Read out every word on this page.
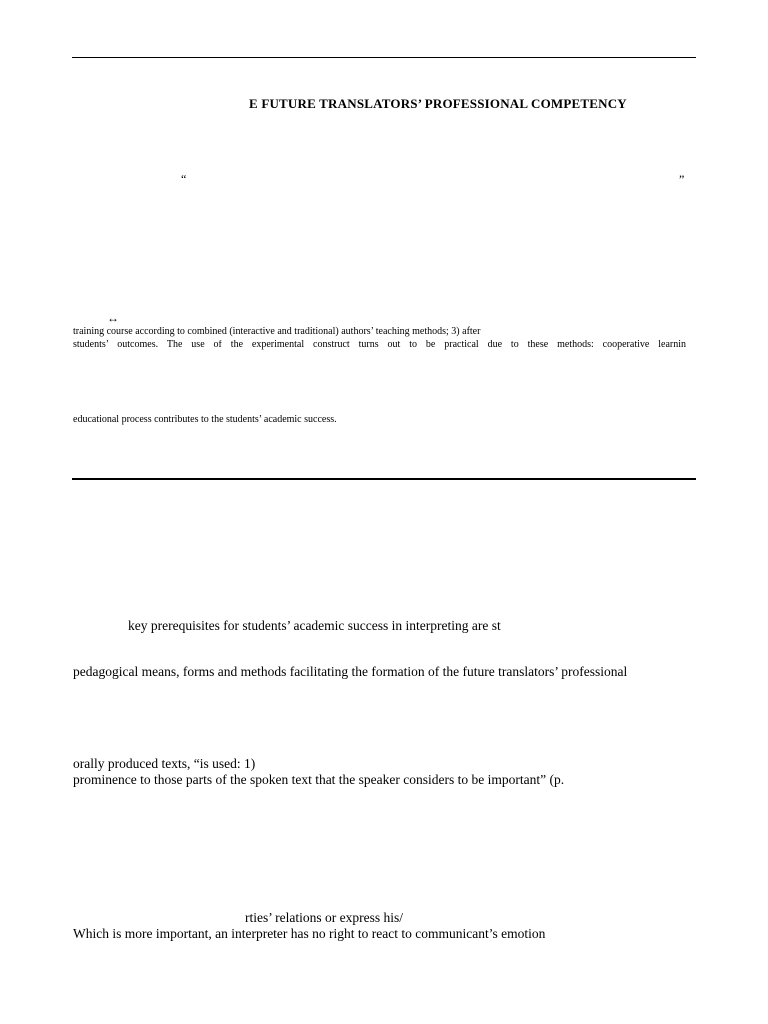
E FUTURE TRANSLATORS’ PROFESSIONAL COMPETENCY
“	”
↔
training course according to combined (interactive and traditional) authors’ teaching methods; 3) after
students’ outcomes. The use of the experimental construct turns out to be practical due to these methods: cooperative learnin
educational process contributes to the students’ academic success.
key prerequisites for students’ academic success in interpreting are st
pedagogical means, forms and methods facilitating the formation of the future translators’ professional
orally produced texts, “is used: 1)
prominence to those parts of the spoken text that the speaker considers to be important” (p.
rties’ relations or express his/
Which is more important, an interpreter has no right to react to communicant’s emotion
